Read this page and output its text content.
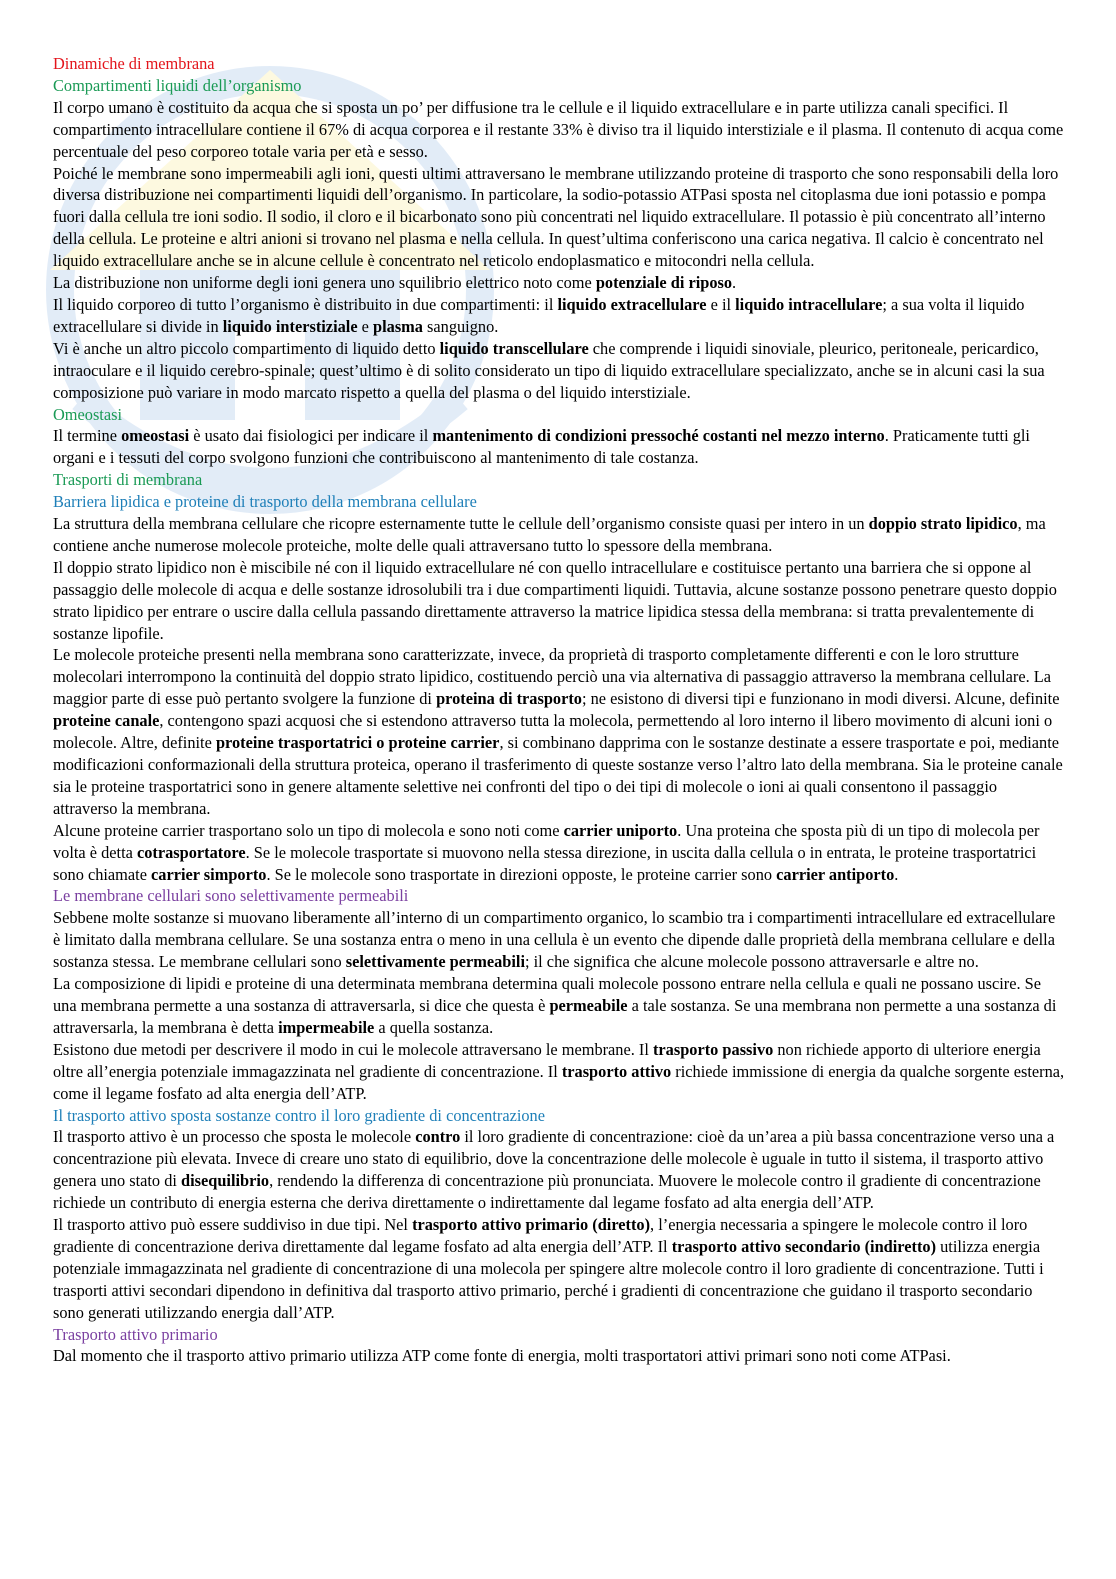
Dinamiche di membrana
Compartimenti liquidi dell’organismo

Il corpo umano è costituito da acqua che si sposta un po’ per diffusione tra le cellule e il liquido extracellulare e in parte utilizza canali specifici. Il compartimento intracellulare contiene il 67% di acqua corporea e il restante 33% è diviso tra il liquido interstiziale e il plasma. Il contenuto di acqua come percentuale del peso corporeo totale varia per età e sesso.

Poiché le membrane sono impermeabili agli ioni, questi ultimi attraversano le membrane utilizzando proteine di trasporto che sono responsabili della loro diversa distribuzione nei compartimenti liquidi dell’organismo. In particolare, la sodio-potassio ATPasi sposta nel citoplasma due ioni potassio e pompa fuori dalla cellula tre ioni sodio. Il sodio, il cloro e il bicarbonato sono più concentrati nel liquido extracellulare. Il potassio è più concentrato all’interno della cellula. Le proteine e altri anioni si trovano nel plasma e nella cellula. In quest’ultima conferiscono una carica negativa. Il calcio è concentrato nel liquido extracellulare anche se in alcune cellule è concentrato nel reticolo endoplasmatico e mitocondri nella cellula.

La distribuzione non uniforme degli ioni genera uno squilibrio elettrico noto come potenziale di riposo.

Il liquido corporeo di tutto l’organismo è distribuito in due compartimenti: il liquido extracellulare e il liquido intracellulare; a sua volta il liquido extracellulare si divide in liquido interstiziale e plasma sanguigno.

Vi è anche un altro piccolo compartimento di liquido detto liquido transcellulare che comprende i liquidi sinoviale, pleurico, peritoneale, pericardico, intraoculare e il liquido cerebro-spinale; quest’ultimo è di solito considerato un tipo di liquido extracellulare specializzato, anche se in alcuni casi la sua composizione può variare in modo marcato rispetto a quella del plasma o del liquido interstiziale.

Omeostasi

Il termine omeostasi è usato dai fisiologici per indicare il mantenimento di condizioni pressoché costanti nel mezzo interno. Praticamente tutti gli organi e i tessuti del corpo svolgono funzioni che contribuiscono al mantenimento di tale costanza.

Trasporti di membrana
Barriera lipidica e proteine di trasporto della membrana cellulare

La struttura della membrana cellulare che ricopre esternamente tutte le cellule dell’organismo consiste quasi per intero in un doppio strato lipidico, ma contiene anche numerose molecole proteiche, molte delle quali attraversano tutto lo spessore della membrana.

Il doppio strato lipidico non è miscibile né con il liquido extracellulare né con quello intracellulare e costituisce pertanto una barriera che si oppone al passaggio delle molecole di acqua e delle sostanze idrosolubili tra i due compartimenti liquidi. Tuttavia, alcune sostanze possono penetrare questo doppio strato lipidico per entrare o uscire dalla cellula passando direttamente attraverso la matrice lipidica stessa della membrana: si tratta prevalentemente di sostanze lipofile.

Le molecole proteiche presenti nella membrana sono caratterizzate, invece, da proprietà di trasporto completamente differenti e con le loro strutture molecolari interrompono la continuità del doppio strato lipidico, costituendo perciò una via alternativa di passaggio attraverso la membrana cellulare. La maggior parte di esse può pertanto svolgere la funzione di proteina di trasporto; ne esistono di diversi tipi e funzionano in modi diversi. Alcune, definite proteine canale, contengono spazi acquosi che si estendono attraverso tutta la molecola, permettendo al loro interno il libero movimento di alcuni ioni o molecole. Altre, definite proteine trasportatrici o proteine carrier, si combinano dapprima con le sostanze destinate a essere trasportate e poi, mediante modificazioni conformazionali della struttura proteica, operano il trasferimento di queste sostanze verso l’altro lato della membrana. Sia le proteine canale sia le proteine trasportatrici sono in genere altamente selettive nei confronti del tipo o dei tipi di molecole o ioni ai quali consentono il passaggio attraverso la membrana.

Alcune proteine carrier trasportano solo un tipo di molecola e sono noti come carrier uniporto. Una proteina che sposta più di un tipo di molecola per volta è detta cotrasportatore. Se le molecole trasportate si muovono nella stessa direzione, in uscita dalla cellula o in entrata, le proteine trasportatrici sono chiamate carrier simporto. Se le molecole sono trasportate in direzioni opposte, le proteine carrier sono carrier antiporto.

Le membrane cellulari sono selettivamente permeabili

Sebbene molte sostanze si muovano liberamente all’interno di un compartimento organico, lo scambio tra i compartimenti intracellulare ed extracellulare è limitato dalla membrana cellulare. Se una sostanza entra o meno in una cellula è un evento che dipende dalle proprietà della membrana cellulare e della sostanza stessa. Le membrane cellulari sono selettivamente permeabili; il che significa che alcune molecole possono attraversarle e altre no.

La composizione di lipidi e proteine di una determinata membrana determina quali molecole possono entrare nella cellula e quali ne possano uscire. Se una membrana permette a una sostanza di attraversarla, si dice che questa è permeabile a tale sostanza. Se una membrana non permette a una sostanza di attraversarla, la membrana è detta impermeabile a quella sostanza.

Esistono due metodi per descrivere il modo in cui le molecole attraversano le membrane. Il trasporto passivo non richiede apporto di ulteriore energia oltre all’energia potenziale immagazzinata nel gradiente di concentrazione. Il trasporto attivo richiede immissione di energia da qualche sorgente esterna, come il legame fosfato ad alta energia dell’ATP.

Il trasporto attivo sposta sostanze contro il loro gradiente di concentrazione

Il trasporto attivo è un processo che sposta le molecole contro il loro gradiente di concentrazione: cioè da un’area a più bassa concentrazione verso una a concentrazione più elevata. Invece di creare uno stato di equilibrio, dove la concentrazione delle molecole è uguale in tutto il sistema, il trasporto attivo genera uno stato di disequilibrio, rendendo la differenza di concentrazione più pronunciata. Muovere le molecole contro il gradiente di concentrazione richiede un contributo di energia esterna che deriva direttamente o indirettamente dal legame fosfato ad alta energia dell’ATP.

Il trasporto attivo può essere suddiviso in due tipi. Nel trasporto attivo primario (diretto), l’energia necessaria a spingere le molecole contro il loro gradiente di concentrazione deriva direttamente dal legame fosfato ad alta energia dell’ATP. Il trasporto attivo secondario (indiretto) utilizza energia potenziale immagazzinata nel gradiente di concentrazione di una molecola per spingere altre molecole contro il loro gradiente di concentrazione. Tutti i trasporti attivi secondari dipendono in definitiva dal trasporto attivo primario, perché i gradienti di concentrazione che guidano il trasporto secondario sono generati utilizzando energia dall’ATP.

Trasporto attivo primario

Dal momento che il trasporto attivo primario utilizza ATP come fonte di energia, molti trasportatori attivi primari sono noti come ATPasi.
